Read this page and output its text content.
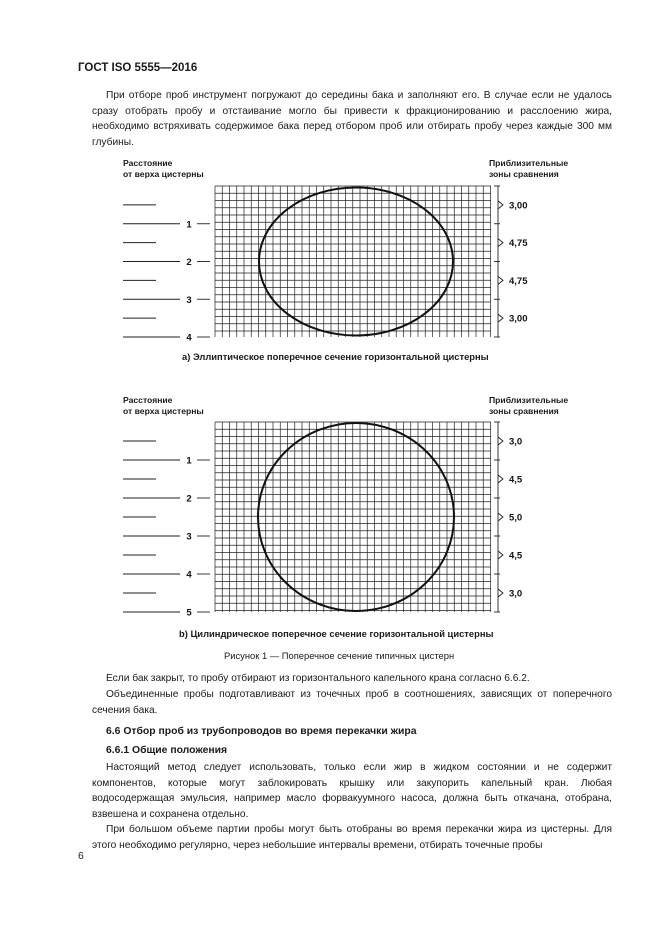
ГОСТ ISO 5555—2016

При отборе проб инструмент погружают до середины бака и заполняют его. В случае если не удалось сразу отобрать пробу и отстаивание могло бы привести к фракционированию и расслоению жира, необходимо встряхивать содержимое бака перед отбором проб или отбирать пробу через каждые 300 мм глубины.

Расстояние
от верха цистерны
Приблизительные
зоны сравнения
1
2
3
4
3,00
4,75
4,75
3,00
a) Эллиптическое поперечное сечение горизонтальной цистерны
Расстояние
от верха цистерны
Приблизительные
зоны сравнения
1
2
3
4
5
3,0
4,5
5,0
4,5
3,0
b) Цилиндрическое поперечное сечение горизонтальной цистерны
Рисунок 1 — Поперечное сечение типичных цистерн

Если бак закрыт, то пробу отбирают из горизонтального капельного крана согласно 6.6.2.

Объединенные пробы подготавливают из точечных проб в соотношениях, зависящих от поперечного сечения бака.

6.6 Отбор проб из трубопроводов во время перекачки жира
6.6.1 Общие положения

Настоящий метод следует использовать, только если жир в жидком состоянии и не содержит компонентов, которые могут заблокировать крышку или закупорить капельный кран. Любая водосодержащая эмульсия, например масло форвакуумного насоса, должна быть откачана, отобрана, взвешена и сохранена отдельно.

При большом объеме партии пробы могут быть отобраны во время перекачки жира из цистерны. Для этого необходимо регулярно, через небольшие интервалы времени, отбирать точечные пробы

6
